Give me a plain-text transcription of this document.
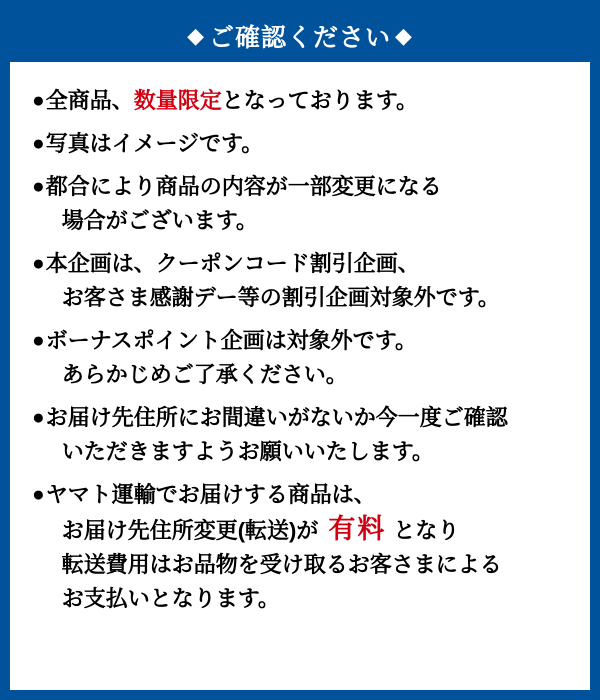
◆ ご確認ください ◆
● 全商品、数量限定となっております。
● 写真はイメージです。
● 都合により商品の内容が一部変更になる
場合がございます。
● 本企画は、クーポンコード割引企画、
お客さま感謝デー等の割引企画対象外です。
● ボーナスポイント企画は対象外です。
あらかじめご了承ください。
● お届け先住所にお間違いがないか今一度ご確認
いただきますようお願いいたします。
● ヤマト運輸でお届けする商品は、
お届け先住所変更(転送)が 有料 となり
転送費用はお品物を受け取るお客さまによる
お支払いとなります。
